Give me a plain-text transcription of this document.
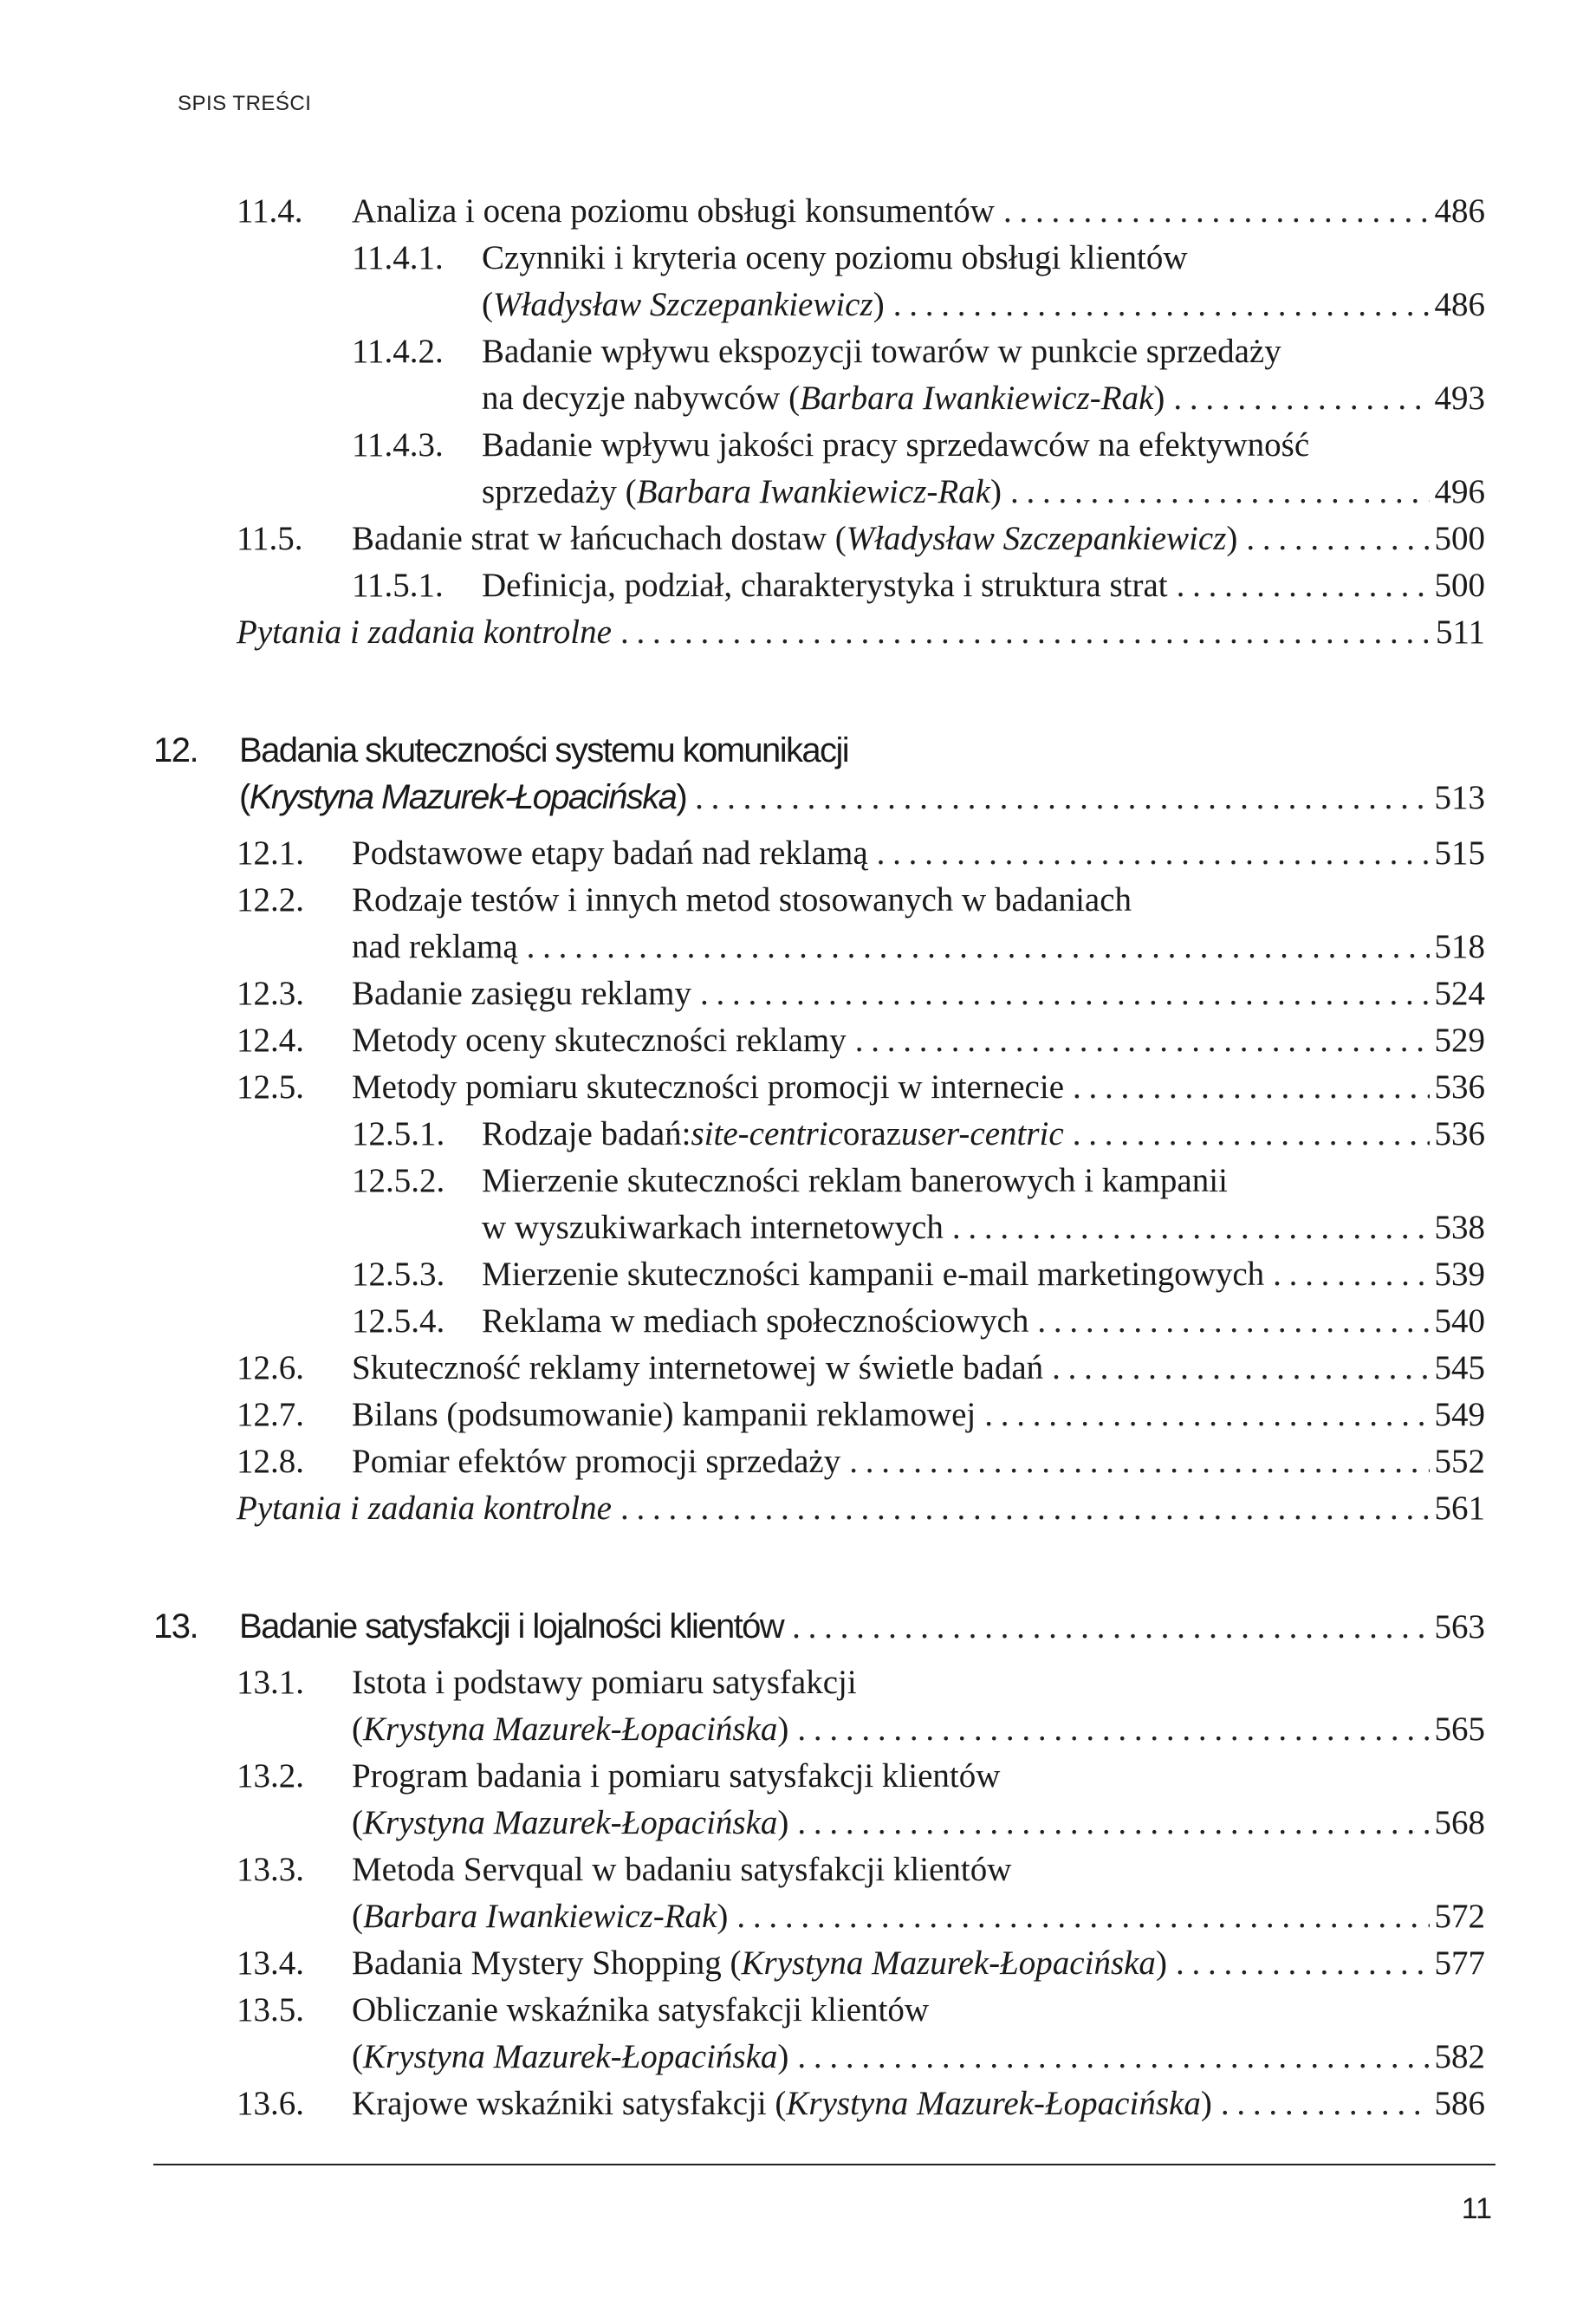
SPIS TREŚCI
11.4. Analiza i ocena poziomu obsługi konsumentów . . .	486
11.4.1. Czynniki i kryteria oceny poziomu obsługi klientów
( Władysław Szczepankiewicz ) . . .	486
11.4.2. Badanie wpływu ekspozycji towarów w punkcie sprzedaży
na decyzje nabywców ( Barbara Iwankiewicz-Rak ) . . .	493
11.4.3. Badanie wpływu jakości pracy sprzedawców na efektywność
sprzedaży ( Barbara Iwankiewicz-Rak ) . . .	496
11.5. Badanie strat w łańcuchach dostaw ( Władysław Szczepankiewicz ) . . .	500
11.5.1. Definicja, podział, charakterystyka i struktura strat . . .	500
Pytania i zadania kontrolne . . .	511
12. Badania skuteczności systemu komunikacji
( Krystyna Mazurek-Łopacińska ) . . .	513
12.1. Podstawowe etapy badań nad reklamą . . .	515
12.2. Rodzaje testów i innych metod stosowanych w badaniach
nad reklamą . . .	518
12.3. Badanie zasięgu reklamy . . .	524
12.4. Metody oceny skuteczności reklamy . . .	529
12.5. Metody pomiaru skuteczności promocji w internecie . . .	536
12.5.1. Rodzaje badań: site-centric oraz user-centric . . .	536
12.5.2. Mierzenie skuteczności reklam banerowych i kampanii
w wyszukiwarkach internetowych . . .	538
12.5.3. Mierzenie skuteczności kampanii e-mail marketingowych . . .	539
12.5.4. Reklama w mediach społecznościowych . . .	540
12.6. Skuteczność reklamy internetowej w świetle badań . . .	545
12.7. Bilans (podsumowanie) kampanii reklamowej . . .	549
12.8. Pomiar efektów promocji sprzedaży . . .	552
Pytania i zadania kontrolne . . .	561
13. Badanie satysfakcji i lojalności klientów . . .	563
13.1. Istota i podstawy pomiaru satysfakcji
( Krystyna Mazurek-Łopacińska ) . . .	565
13.2. Program badania i pomiaru satysfakcji klientów
( Krystyna Mazurek-Łopacińska ) . . .	568
13.3. Metoda Servqual w badaniu satysfakcji klientów
( Barbara Iwankiewicz-Rak ) . . .	572
13.4. Badania Mystery Shopping ( Krystyna Mazurek-Łopacińska ) . . .	577
13.5. Obliczanie wskaźnika satysfakcji klientów
( Krystyna Mazurek-Łopacińska ) . . .	582
13.6. Krajowe wskaźniki satysfakcji ( Krystyna Mazurek-Łopacińska ) . . .	586
11
